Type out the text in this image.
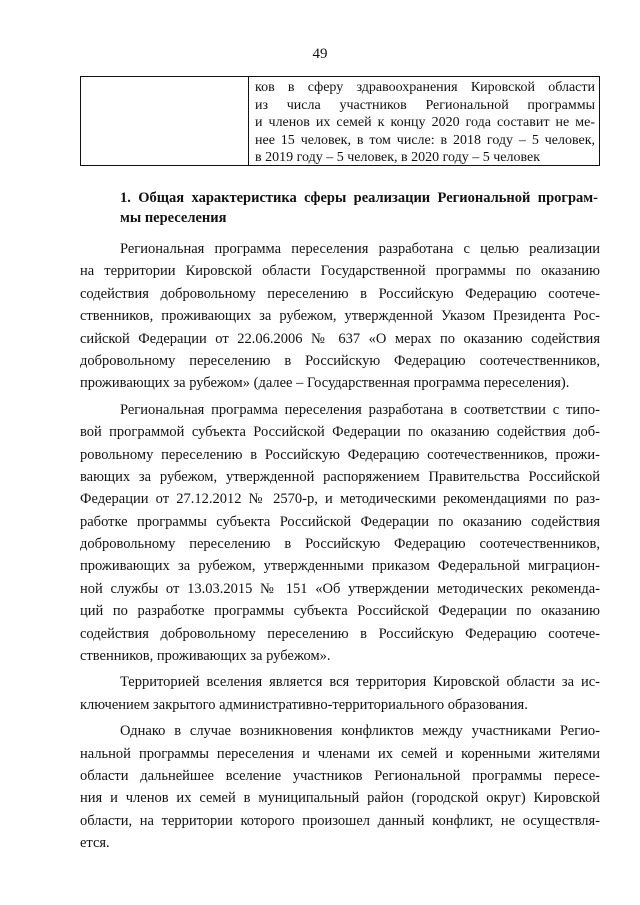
49
ков в сферу здравоохранения Кировской области
из числа участников Региональной программы
и членов их семей к концу 2020 года составит не ме-
нее 15 человек, в том числе: в 2018 году – 5 человек,
в 2019 году – 5 человек, в 2020 году – 5 человек
1. Общая характеристика сферы реализации Региональной програм-
мы переселения
Региональная программа переселения разработана с целью реализации
на территории Кировской области Государственной программы по оказанию
содействия добровольному переселению в Российскую Федерацию соотече-
ственников, проживающих за рубежом, утвержденной Указом Президента Рос-
сийской Федерации от 22.06.2006 № 637 «О мерах по оказанию содействия
добровольному переселению в Российскую Федерацию соотечественников,
проживающих за рубежом» (далее – Государственная программа переселения).
Региональная программа переселения разработана в соответствии с типо-
вой программой субъекта Российской Федерации по оказанию содействия доб-
ровольному переселению в Российскую Федерацию соотечественников, прожи-
вающих за рубежом, утвержденной распоряжением Правительства Российской
Федерации от 27.12.2012 № 2570-р, и методическими рекомендациями по раз-
работке программы субъекта Российской Федерации по оказанию содействия
добровольному переселению в Российскую Федерацию соотечественников,
проживающих за рубежом, утвержденными приказом Федеральной миграцион-
ной службы от 13.03.2015 № 151 «Об утверждении методических рекоменда-
ций по разработке программы субъекта Российской Федерации по оказанию
содействия добровольному переселению в Российскую Федерацию соотече-
ственников, проживающих за рубежом».
Территорией вселения является вся территория Кировской области за ис-
ключением закрытого административно-территориального образования.
Однако в случае возникновения конфликтов между участниками Регио-
нальной программы переселения и членами их семей и коренными жителями
области дальнейшее вселение участников Региональной программы пересе-
ния и членов их семей в муниципальный район (городской округ) Кировской
области, на территории которого произошел данный конфликт, не осуществля-
ется.
